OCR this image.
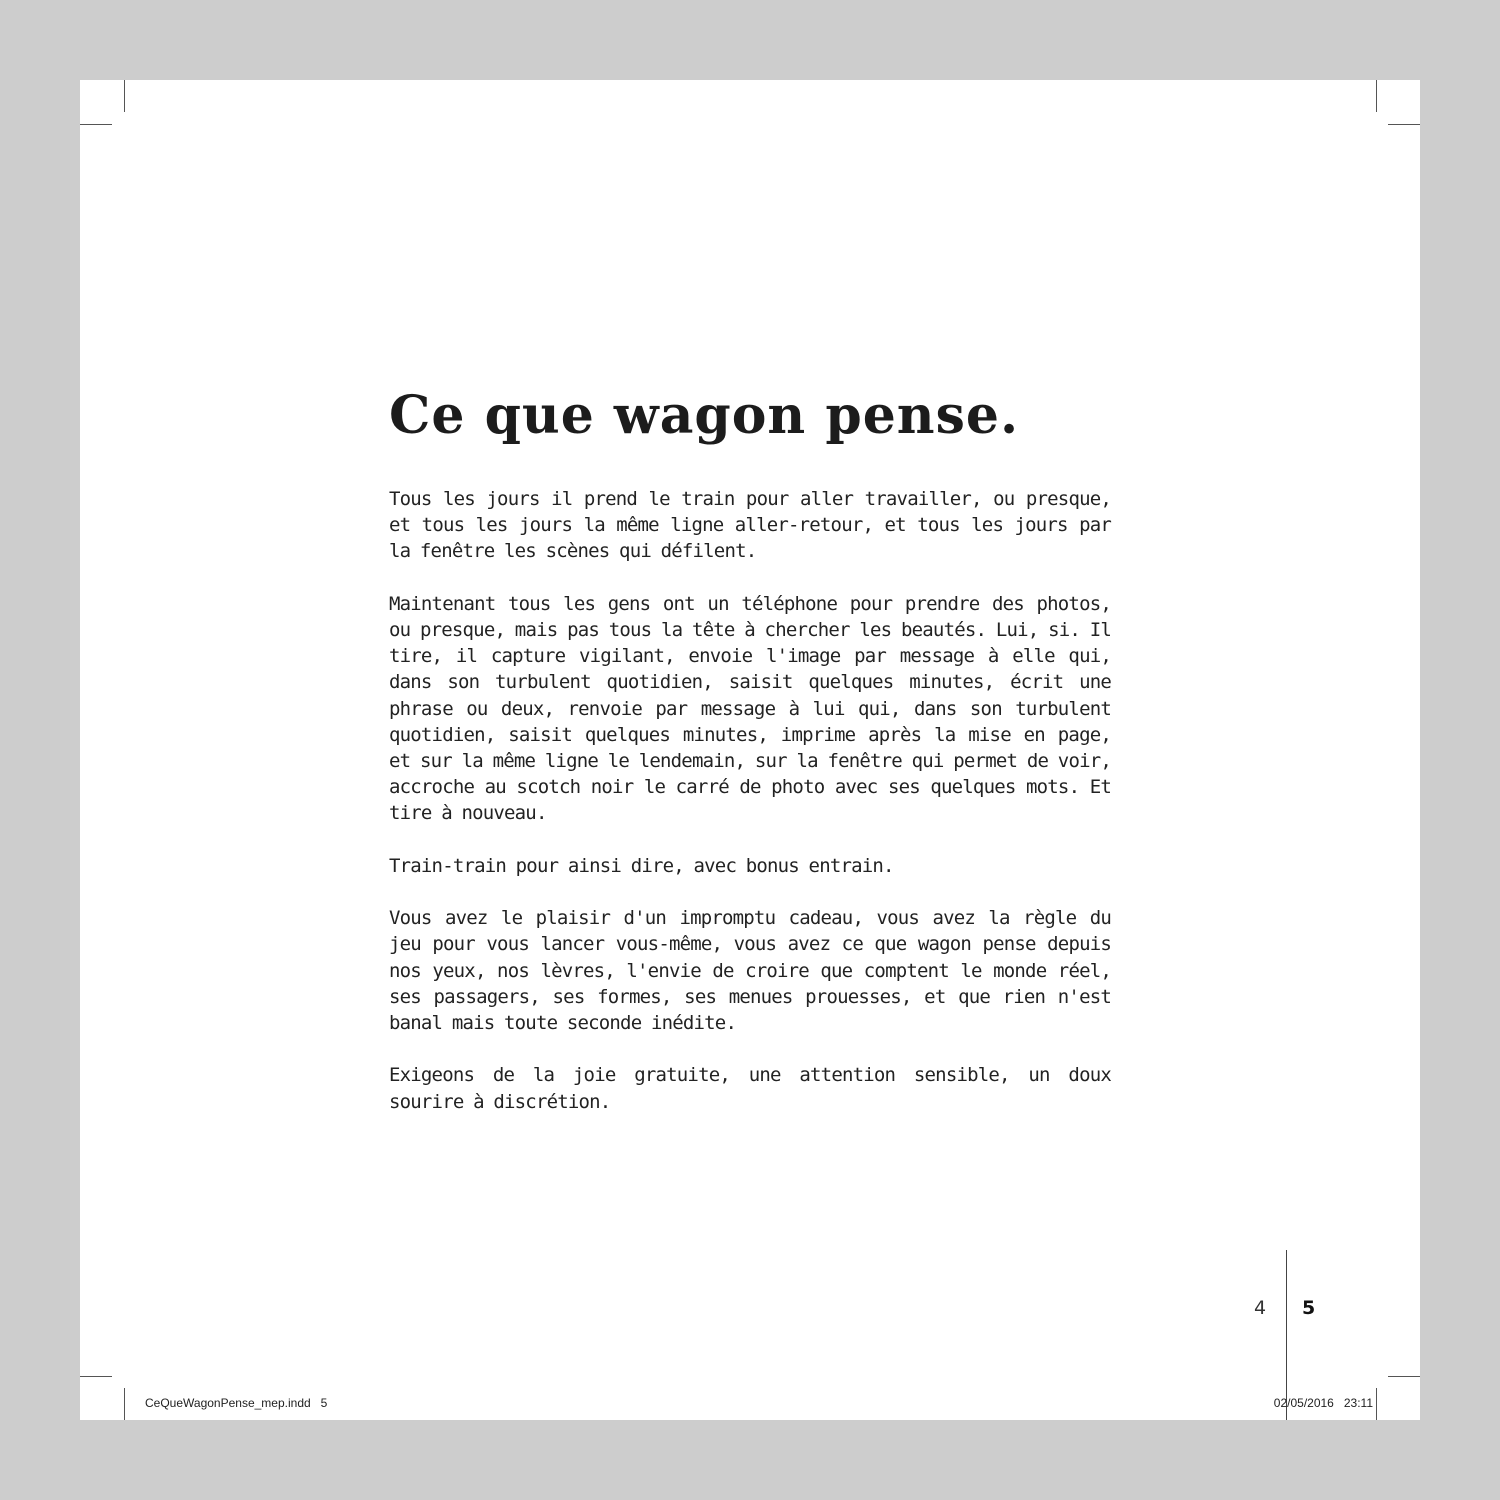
Ce que wagon pense.

Tous les jours il prend le train pour aller travailler, ou presque, et tous les jours la même ligne aller-retour, et tous les jours par la fenêtre les scènes qui défilent.

Maintenant tous les gens ont un téléphone pour prendre des photos, ou presque, mais pas tous la tête à chercher les beautés. Lui, si. Il tire, il capture vigilant, envoie l'image par message à elle qui, dans son turbulent quotidien, saisit quelques minutes, écrit une phrase ou deux, renvoie par message à lui qui, dans son turbulent quotidien, saisit quelques minutes, imprime après la mise en page, et sur la même ligne le lendemain, sur la fenêtre qui permet de voir, accroche au scotch noir le carré de photo avec ses quelques mots. Et tire à nouveau.

Train-train pour ainsi dire, avec bonus entrain.

Vous avez le plaisir d'un impromptu cadeau, vous avez la règle du jeu pour vous lancer vous-même, vous avez ce que wagon pense depuis nos yeux, nos lèvres, l'envie de croire que comptent le monde réel, ses passagers, ses formes, ses menues prouesses, et que rien n'est banal mais toute seconde inédite.

Exigeons de la joie gratuite, une attention sensible, un doux sourire à discrétion.

4 5
CeQueWagonPense_mep.indd   5	02/05/2016   23:11
